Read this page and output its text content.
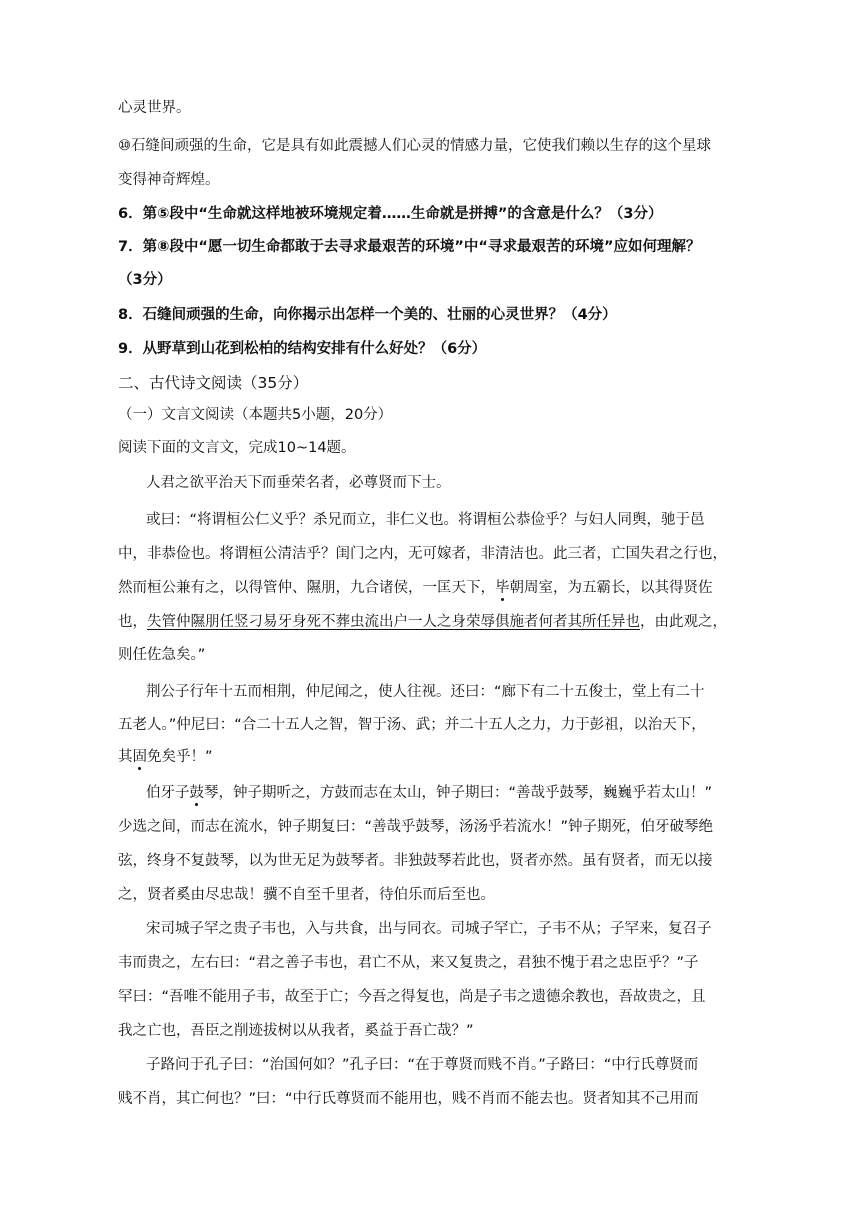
心灵世界。
⑩石缝间顽强的生命，它是具有如此震撼人们心灵的情感力量，它使我们赖以生存的这个星球
变得神奇辉煌。
6．第⑤段中“生命就这样地被环境规定着……生命就是拼搏”的含意是什么？（3分）
7．第⑧段中“愿一切生命都敢于去寻求最艰苦的环境”中“寻求最艰苦的环境”应如何理解？
（3分）
8．石缝间顽强的生命，向你揭示出怎样一个美的、壮丽的心灵世界？（4分）
9．从野草到山花到松柏的结构安排有什么好处？（6分）
二、古代诗文阅读（35分）
（一）文言文阅读（本题共5小题，20分）
阅读下面的文言文，完成10~14题。
人君之欲平治天下而垂荣名者，必尊贤而下士。
或曰：“将谓桓公仁义乎？杀兄而立，非仁义也。将谓桓公恭俭乎？与妇人同舆，驰于邑
中，非恭俭也。将谓桓公清洁乎？闺门之内，无可嫁者，非清洁也。此三者，亡国失君之行也，
然而桓公兼有之，以得管仲、隰朋，九合诸侯，一匡天下，毕朝周室，为五霸长，以其得贤佐
也，失管仲隰朋任竖刁易牙身死不葬虫流出户一人之身荣辱俱施者何者其所任异也，由此观之，
则任佐急矣。”
荆公子行年十五而相荆，仲尼闻之，使人往视。还曰：“廊下有二十五俊士，堂上有二十
五老人。”仲尼曰：“合二十五人之智，智于汤、武；并二十五人之力，力于彭祖，以治天下，
其固免矣乎！”
伯牙子鼓琴，钟子期听之，方鼓而志在太山，钟子期曰：“善哉乎鼓琴，巍巍乎若太山！”
少选之间，而志在流水，钟子期复曰：“善哉乎鼓琴，汤汤乎若流水！”钟子期死，伯牙破琴绝
弦，终身不复鼓琴，以为世无足为鼓琴者。非独鼓琴若此也，贤者亦然。虽有贤者，而无以接
之，贤者奚由尽忠哉！骥不自至千里者，待伯乐而后至也。
宋司城子罕之贵子韦也，入与共食，出与同衣。司城子罕亡，子韦不从；子罕来，复召子
韦而贵之，左右曰：“君之善子韦也，君亡不从，来又复贵之，君独不愧于君之忠臣乎？”子
罕曰：“吾唯不能用子韦，故至于亡；今吾之得复也，尚是子韦之遗德余教也，吾故贵之，且
我之亡也，吾臣之削迹拔树以从我者，奚益于吾亡哉？”
子路问于孔子曰：“治国何如？”孔子曰：“在于尊贤而贱不肖。”子路曰：“中行氏尊贤而
贱不肖，其亡何也？”曰：“中行氏尊贤而不能用也，贱不肖而不能去也。贤者知其不己用而
